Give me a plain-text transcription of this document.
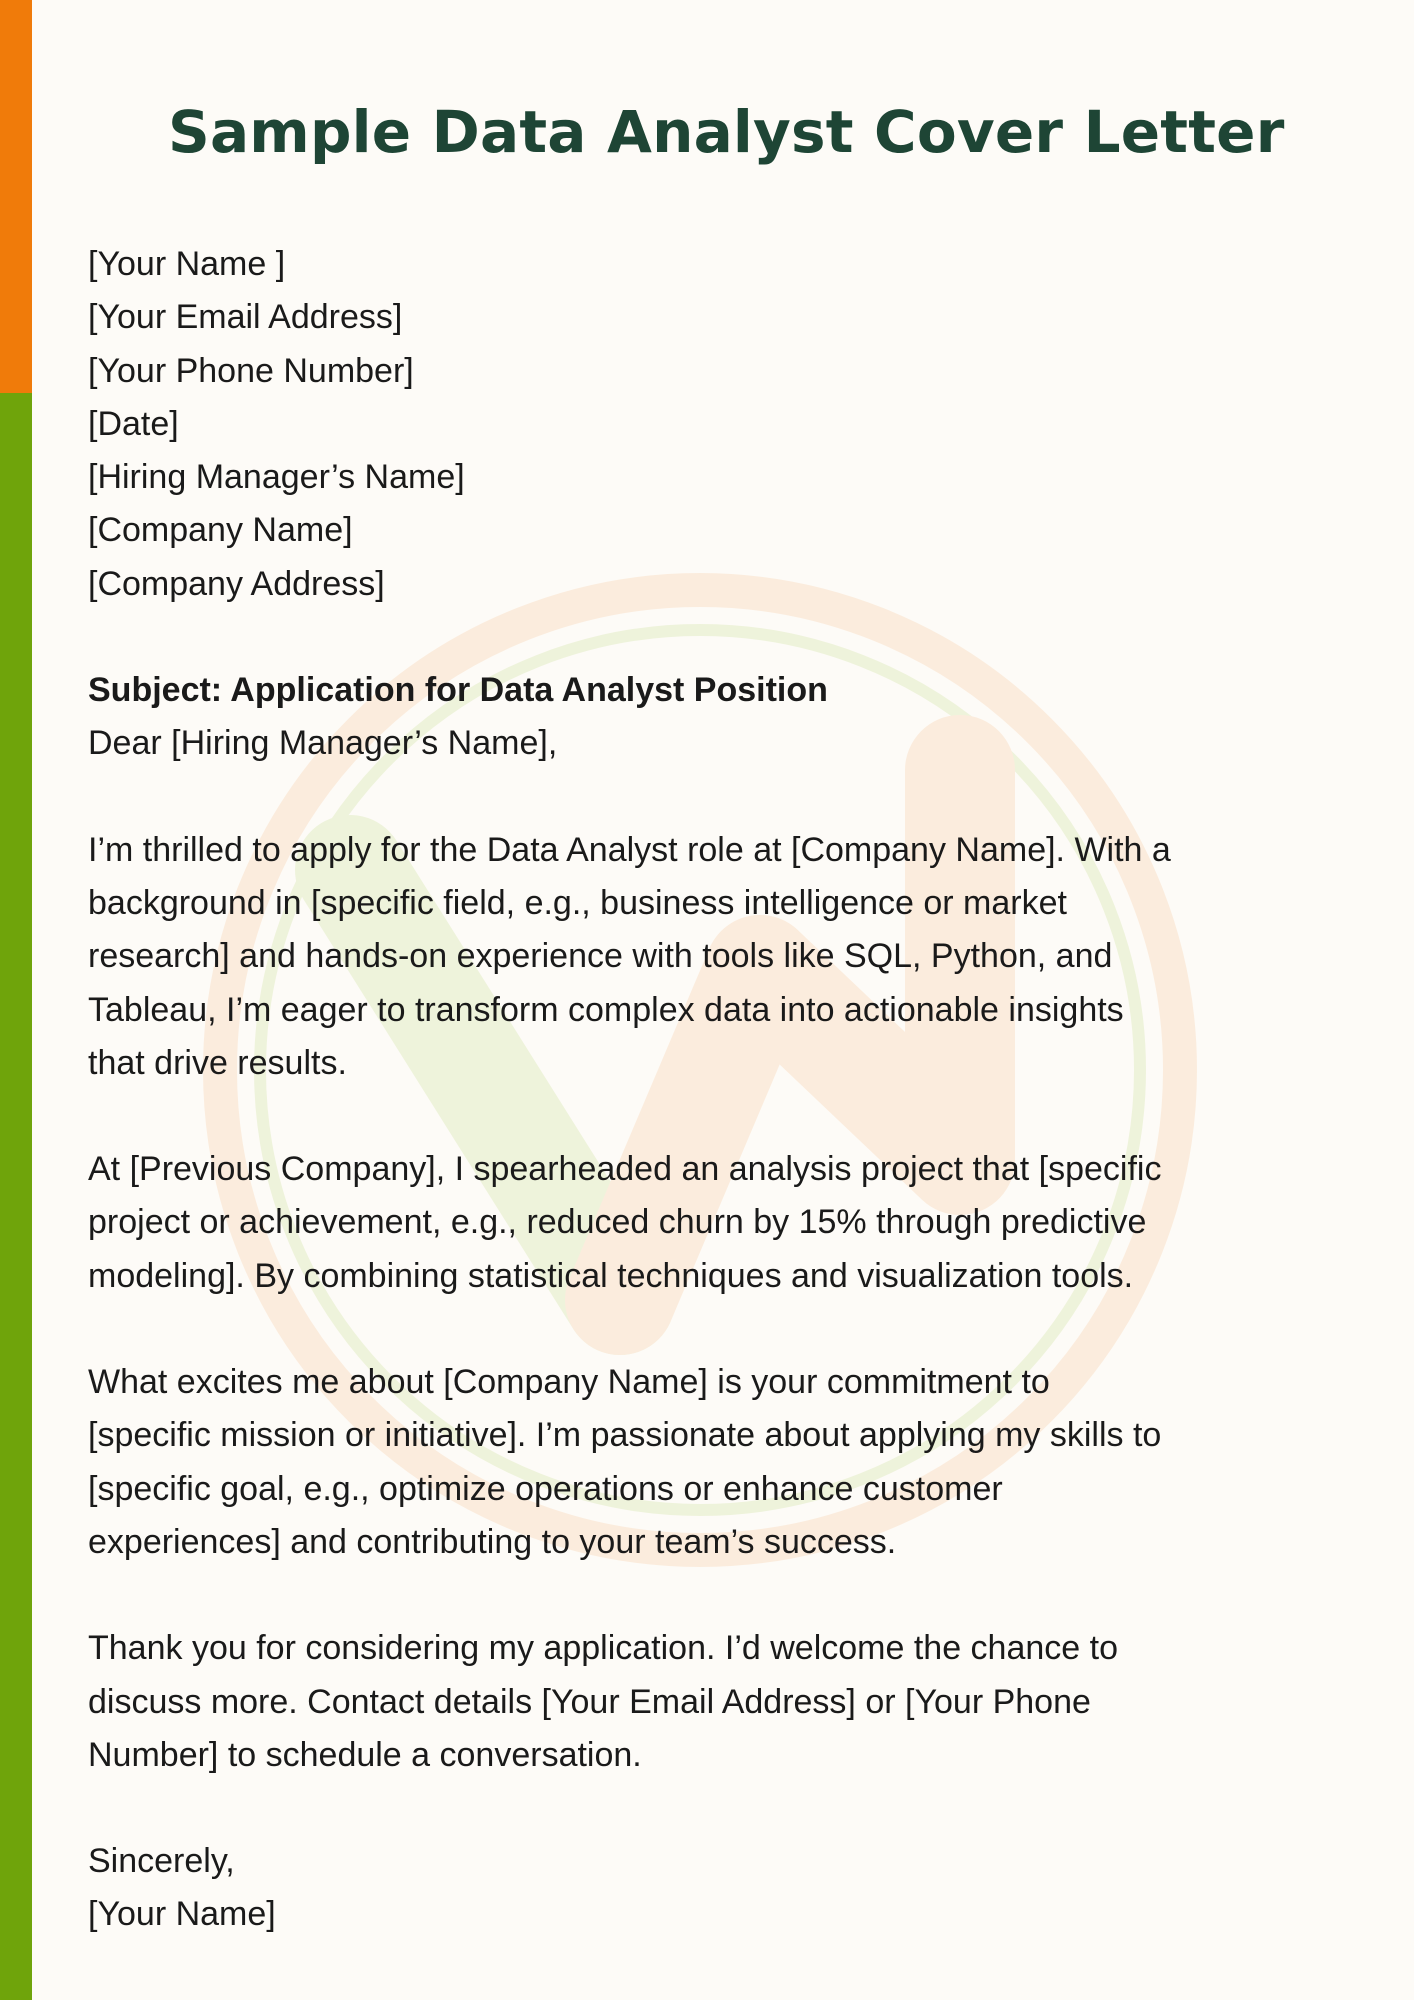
Sample Data Analyst Cover Letter
[Your Name ]
[Your Email Address]
[Your Phone Number]
[Date]
[Hiring Manager’s Name]
[Company Name]
[Company Address]
Subject: Application for Data Analyst Position
Dear [Hiring Manager’s Name],

I’m thrilled to apply for the Data Analyst role at [Company Name]. With a
background in [specific field, e.g., business intelligence or market
research] and hands-on experience with tools like SQL, Python, and
Tableau, I’m eager to transform complex data into actionable insights
that drive results.

At [Previous Company], I spearheaded an analysis project that [specific
project or achievement, e.g., reduced churn by 15% through predictive
modeling]. By combining statistical techniques and visualization tools.

What excites me about [Company Name] is your commitment to
[specific mission or initiative]. I’m passionate about applying my skills to
[specific goal, e.g., optimize operations or enhance customer
experiences] and contributing to your team’s success.

Thank you for considering my application. I’d welcome the chance to
discuss more. Contact details [Your Email Address] or [Your Phone
Number] to schedule a conversation.

Sincerely,
[Your Name]
